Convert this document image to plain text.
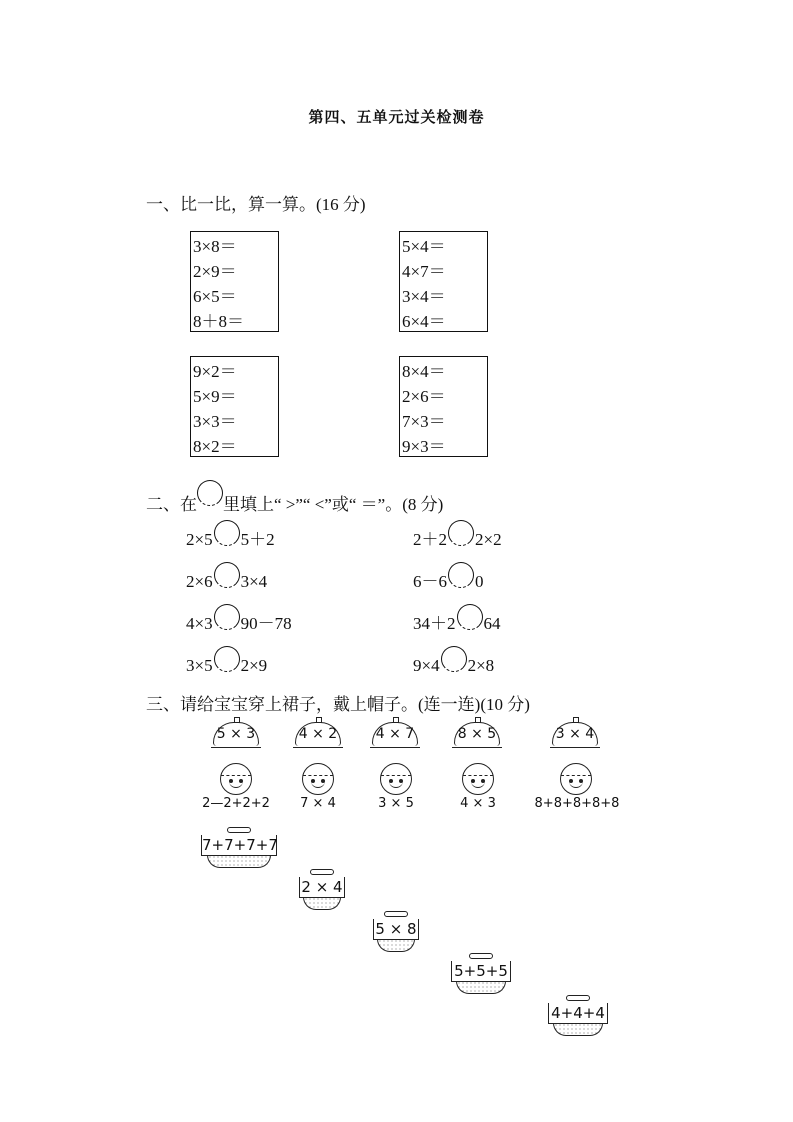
第四、五单元过关检测卷
一、比一比，算一算。(16 分)
3×8＝
2×9＝
6×5＝
8＋8＝
5×4＝
4×7＝
3×4＝
6×4＝
9×2＝
5×9＝
3×3＝
8×2＝
8×4＝
2×6＝
7×3＝
9×3＝
二、在 里填上“ >”“ <”或“ ＝”。(8 分)
2×5 5＋2	2＋2 2×2
2×6 3×4	6－6 0
4×3 90－78	34＋2 64
3×5 2×9	9×4 2×8
三、请给宝宝穿上裙子，戴上帽子。(连一连)(10 分)
5 × 3	4 × 2	4 × 7	8 × 5	3 × 4
2—2+2+2	7 × 4	3 × 5	4 × 3	8+8+8+8+8
7+7+7+7
2 × 4
5 × 8
5+5+5
4+4+4
